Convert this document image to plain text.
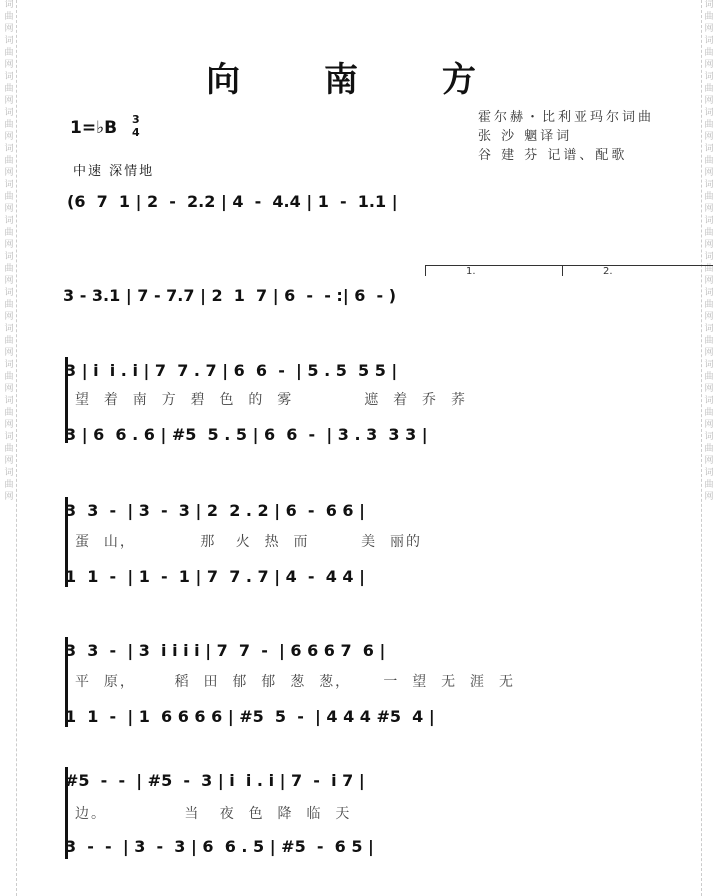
词
曲
网
词
曲
网
词
曲
网
词
曲
网
词
曲
网
词
曲
网
词
曲
网
词
曲
网
词
曲
网
词
曲
网
词
曲
网
词
曲
网
词
曲
网
词
曲
网
词
曲
网
词
曲
网
词
曲
网
词
曲
网
词
曲
网
词
曲
网
词
曲
网
词
曲
网
词
曲
网
词
曲
网
词
曲
网
词
曲
网
词
曲
网
词
曲
网
向 南 方
霍尔赫・比利亚玛尔词曲
张 沙 魍译词
谷 建 芬 记谱、配歌
1=♭B 3
4
中速 深情地
(6  7  1 | 2  -  2.2 | 4  -  4.4 | 1  -  1.1 |
1.	2.
3 - 3.1 | 7 - 7.7 | 2  1  7 | 6  -  - :| 6  - )
3 | i  i . i | 7  7 . 7 | 6  6  -  | 5 . 5  5 5 |
望  着  南  方  碧  色  的  雾           遮  着  乔  荞
3 | 6  6 . 6 | #5  5 . 5 | 6  6  -  | 3 . 3  3 3 |
3  3  -  | 3  -  3 | 2  2 . 2 | 6  -  6 6 |
蛋  山，          那   火  热  而        美  丽的
1  1  -  | 1  -  1 | 7  7 . 7 | 4  -  4 4 |
3  3  -  | 3  i i i i | 7  7  -  | 6 6 6 7  6 |
平  原，      稻  田  郁  郁  葱  葱，     一  望  无  涯  无
1  1  -  | 1  6 6 6 6 | #5  5  -  | 4 4 4 #5  4 |
#5  -  -  | #5  -  3 | i  i . i | 7  -  i 7 |
边。            当   夜  色  降  临  天
3  -  -  | 3  -  3 | 6  6 . 5 | #5  -  6 5 |
